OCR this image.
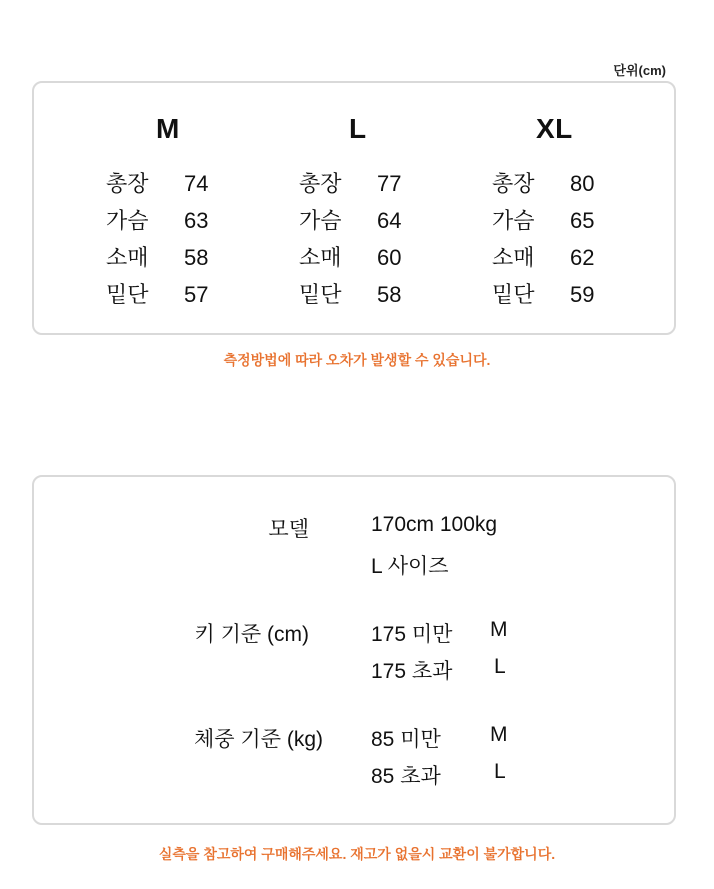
단위(cm)
M
총장 74
가슴 63
소매 58
밑단 57
L
총장 77
가슴 64
소매 60
밑단 58
XL
총장 80
가슴 65
소매 62
밑단 59
측정방법에 따라 오차가 발생할 수 있습니다.
모델	170cm 100kg
L 사이즈
키 기준 (cm)	175 미만 M
175 초과 L
체중 기준 (kg) 85 미만 M
85 초과	L
실측을 참고하여 구매해주세요. 재고가 없을시 교환이 불가합니다.
